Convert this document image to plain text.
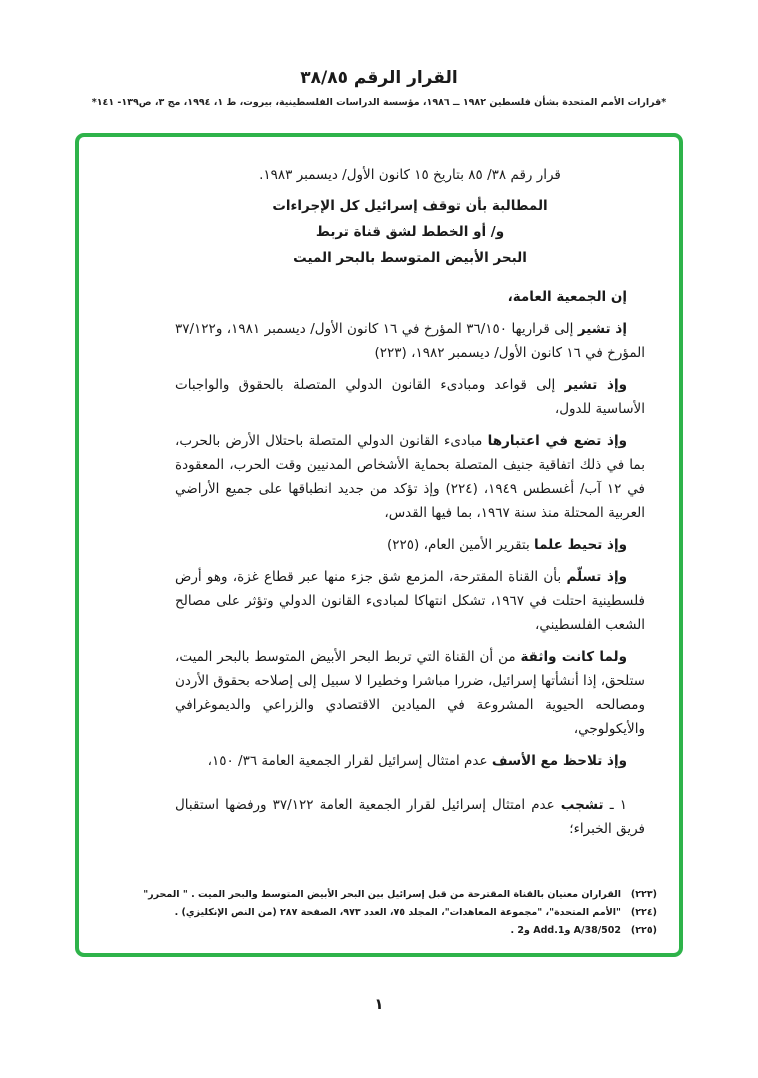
القرار الرقم ٣٨/٨٥
*قرارات الأمم المتحدة بشأن فلسطين ١٩٨٢ ــ ١٩٨٦، مؤسسة الدراسات الفلسطينية، بيروت، ط ١، ١٩٩٤، مج ٣، ص١٣٩- ١٤١*
قرار رقم ٣٨/ ٨٥ بتاريخ ١٥ كانون الأول/ ديسمبر ١٩٨٣.
المطالبة بأن توقف إسرائيل كل الإجراءات
و/ أو الخطط لشق قناة تربط
البحر الأبيض المتوسط بالبحر الميت

إن الجمعية العامة،

إذ تشير إلى قراريها ٣٦/١٥٠ المؤرخ في ١٦ كانون الأول/ ديسمبر ١٩٨١، و٣٧/١٢٢ المؤرخ في ١٦ كانون الأول/ ديسمبر ١٩٨٢، (٢٢٣)

وإذ تشير إلى قواعد ومبادىء القانون الدولي المتصلة بالحقوق والواجبات الأساسية للدول،

وإذ تضع في اعتبارها مبادىء القانون الدولي المتصلة باحتلال الأرض بالحرب، بما في ذلك اتفاقية جنيف المتصلة بحماية الأشخاص المدنيين وقت الحرب، المعقودة في ١٢ آب/ أغسطس ١٩٤٩، (٢٢٤) وإذ تؤكد من جديد انطباقها على جميع الأراضي العربية المحتلة منذ سنة ١٩٦٧، بما فيها القدس،

وإذ تحيط علما بتقرير الأمين العام، (٢٢٥)

وإذ تسلّم بأن القناة المقترحة، المزمع شق جزء منها عبر قطاع غزة، وهو أرض فلسطينية احتلت في ١٩٦٧، تشكل انتهاكا لمبادىء القانون الدولي وتؤثر على مصالح الشعب الفلسطيني،

ولما كانت واثقة من أن القناة التي تربط البحر الأبيض المتوسط بالبحر الميت، ستلحق، إذا أنشأتها إسرائيل، ضررا مباشرا وخطيرا لا سبيل إلى إصلاحه بحقوق الأردن ومصالحه الحيوية المشروعة في الميادين الاقتصادي والزراعي والديموغرافي والأيكولوجي،

وإذ تلاحظ مع الأسف عدم امتثال إسرائيل لقرار الجمعية العامة ٣٦/ ١٥٠،

١ ـ تشجب عدم امتثال إسرائيل لقرار الجمعية العامة ٣٧/١٢٢ ورفضها استقبال فريق الخبراء؛

(٢٢٣)
القراران معنيان بالقناة المقترحة من قبل إسرائيل بين البحر الأبيض المتوسط والبحر الميت . " المحرر"
(٢٢٤)
"الأمم المتحدة"، "مجموعة المعاهدات"، المجلد ٧٥، العدد ٩٧٣، الصفحة ٢٨٧ (من النص الإنكليزي) .
(٢٢٥)
A/38/502 وAdd.1 و2 .
١
